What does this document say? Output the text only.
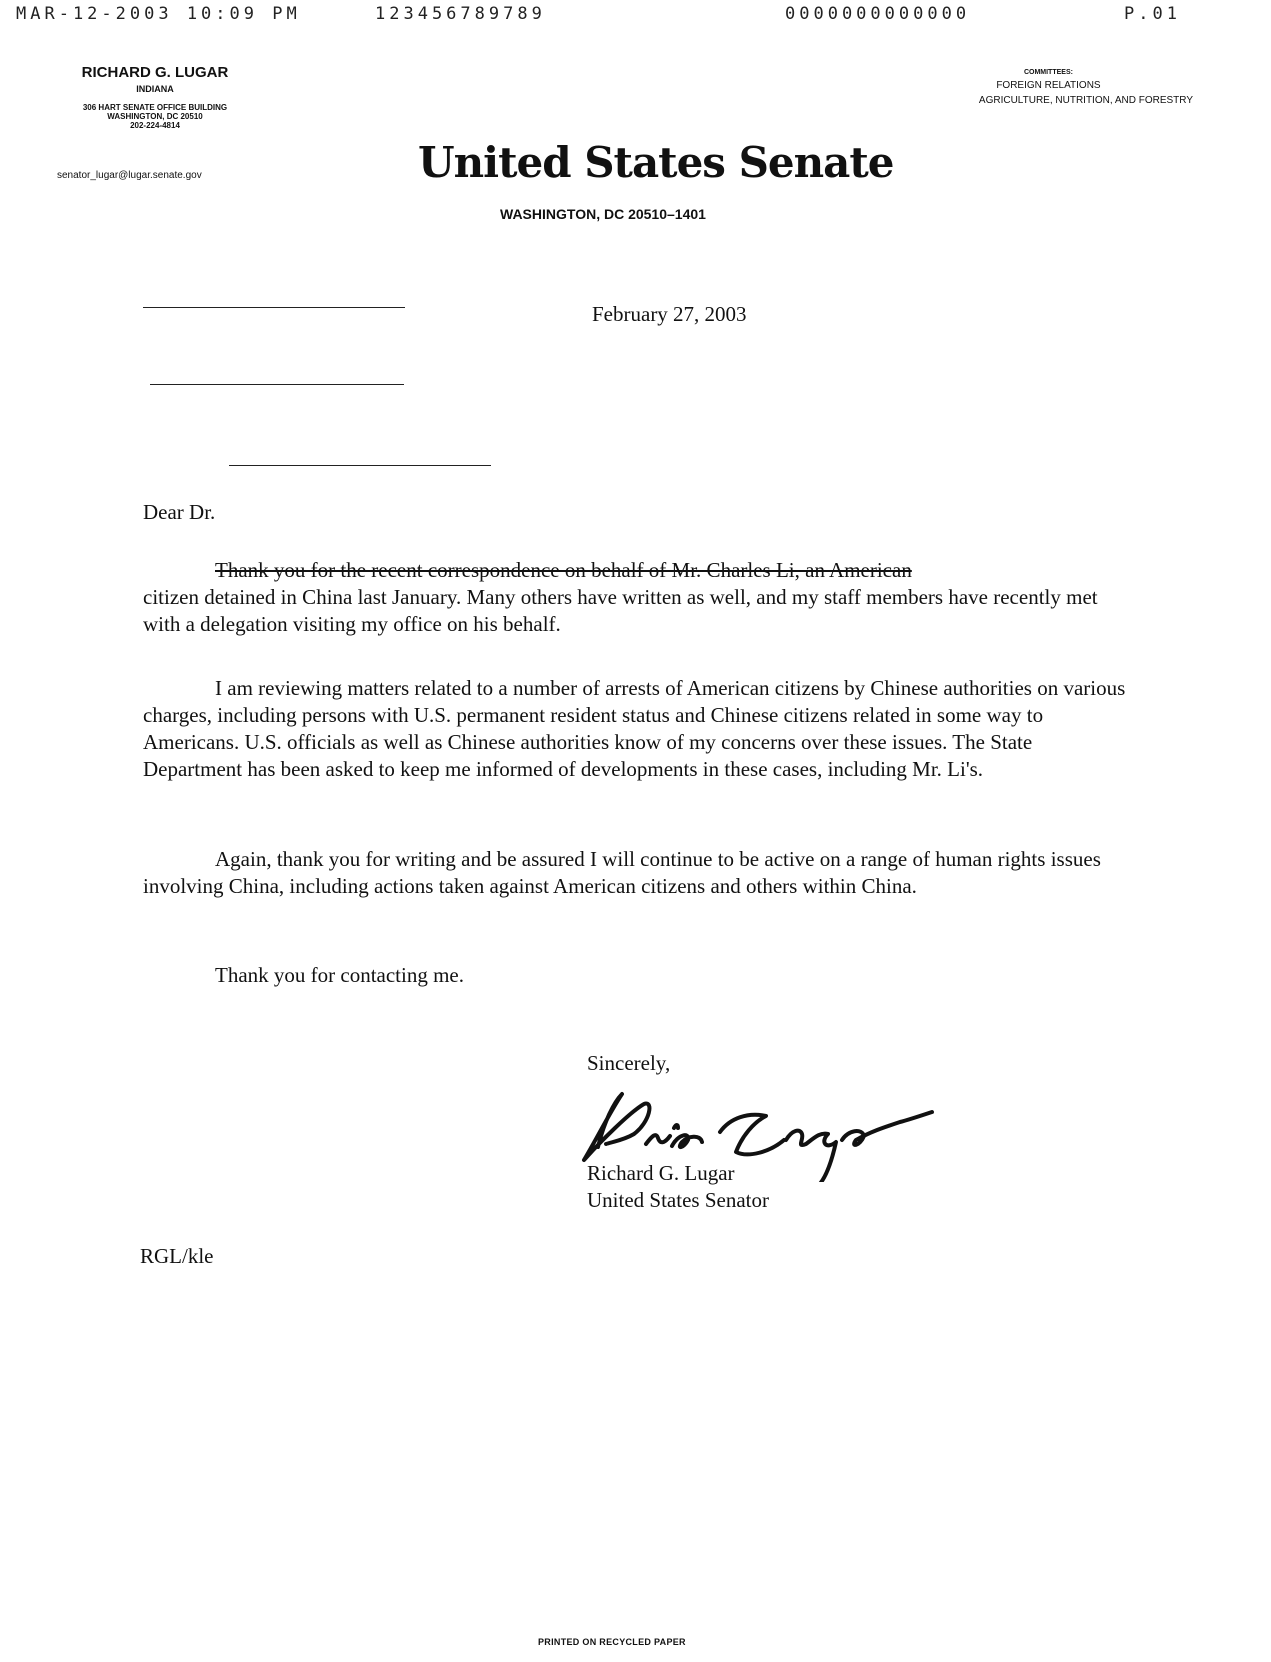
MAR-12-2003 10:09 PM	123456789789	0000000000000	P.01
RICHARD G. LUGAR
INDIANA
306 HART SENATE OFFICE BUILDING
WASHINGTON, DC 20510
202-224-4814
senator_lugar@lugar.senate.gov
COMMITTEES:
FOREIGN RELATIONS
AGRICULTURE, NUTRITION, AND FORESTRY
United States Senate
WASHINGTON, DC 20510–1401
February 27, 2003
Dear Dr.

Thank you for the recent correspondence on behalf of Mr. Charles Li, an American

citizen detained in China last January. Many others have written as well, and my staff members have recently met with a delegation visiting my office on his behalf.

I am reviewing matters related to a number of arrests of American citizens by Chinese authorities on various charges, including persons with U.S. permanent resident status and Chinese citizens related in some way to Americans. U.S. officials as well as Chinese authorities know of my concerns over these issues. The State Department has been asked to keep me informed of developments in these cases, including Mr. Li's.
Again, thank you for writing and be assured I will continue to be active on a range of human rights issues involving China, including actions taken against American citizens and others within China.
Thank you for contacting me.
Sincerely,
Richard G. Lugar
United States Senator
RGL/kle
PRINTED ON RECYCLED PAPER
